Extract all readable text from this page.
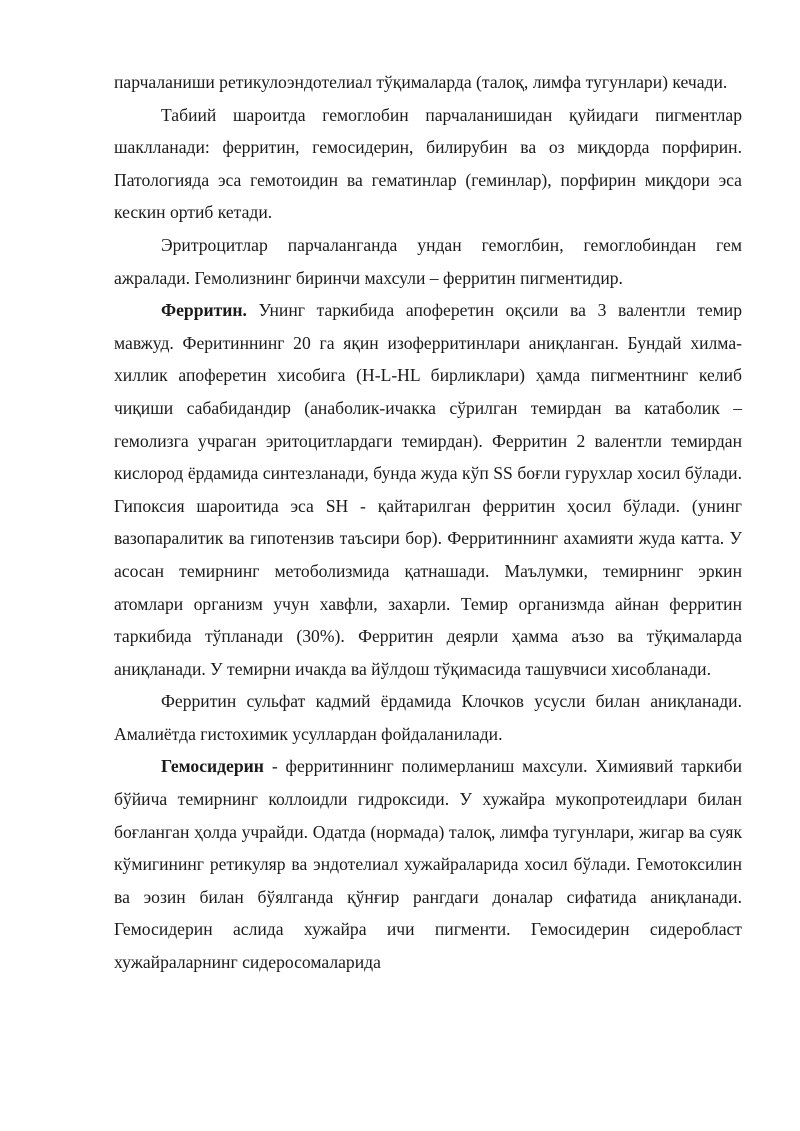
парчаланиши ретикулоэндотелиал тўқималарда (талоқ, лимфа тугунлари) кечади.

Табиий шароитда гемоглобин парчаланишидан қуйидаги пигментлар шаклланади: ферритин, гемосидерин, билирубин ва оз миқдорда порфирин. Патологияда эса гемотоидин ва гематинлар (геминлар), порфирин миқдори эса кескин ортиб кетади.

Эритроцитлар парчаланганда ундан гемоглбин, гемоглобиндан гем ажралади. Гемолизнинг биринчи махсули – ферритин пигментидир.

Ферритин. Унинг таркибида апоферетин оқсили ва 3 валентли темир мавжуд. Феритиннинг 20 га яқин изоферритинлари аниқланган. Бундай хилма-хиллик апоферетин хисобига (H-L-HL бирликлари) ҳамда пигментнинг келиб чиқиши сабабидандир (анаболик-ичакка сўрилган темирдан ва катаболик –гемолизга учраган эритоцитлардаги темирдан). Ферритин 2 валентли темирдан кислород ёрдамида синтезланади, бунда жуда кўп SS боғли гурухлар хосил бўлади. Гипоксия шароитида эса SH - қайтарилган ферритин ҳосил бўлади. (унинг вазопаралитик ва гипотензив таъсири бор). Ферритиннинг ахамияти жуда катта. У асосан темирнинг метоболизмида қатнашади. Маълумки, темирнинг эркин атомлари организм учун хавфли, захарли. Темир организмда айнан ферритин таркибида тўпланади (30%). Ферритин деярли ҳамма аъзо ва тўқималарда аниқланади. У темирни ичакда ва йўлдош тўқимасида ташувчиси хисобланади.

Ферритин сульфат кадмий ёрдамида Клочков усусли билан аниқланади. Амалиётда гистохимик усуллардан фойдаланилади.

Гемосидерин - ферритиннинг полимерланиш махсули. Химиявий таркиби бўйича темирнинг коллоидли гидроксиди. У хужайра мукопротеидлари билан боғланган ҳолда учрайди. Одатда (нормада) талоқ, лимфа тугунлари, жигар ва суяк кўмигининг ретикуляр ва эндотелиал хужайраларида хосил бўлади. Гемотоксилин ва эозин билан бўялганда қўнғир рангдаги доналар сифатида аниқланади. Гемосидерин аслида хужайра ичи пигменти. Гемосидерин сидеробласт хужайраларнинг сидеросомаларида
